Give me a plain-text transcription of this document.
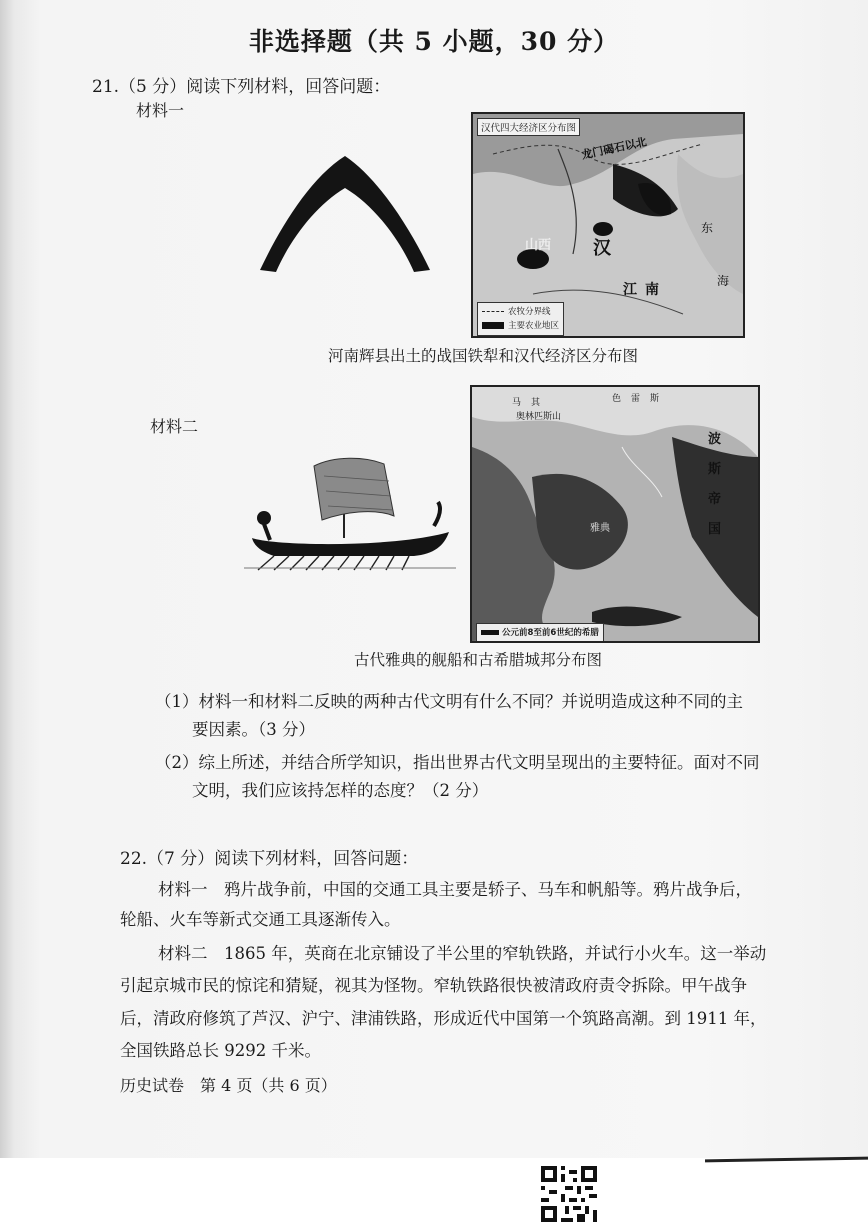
非选择题（共 5 小题，30 分）
21.（5 分）阅读下列材料，回答问题：
材料一
汉代四大经济区分布图
龙门碣石以北
山西 汉
江南
东
海
农牧分界线
主要农业地区
河南辉县出土的战国铁犁和汉代经济区分布图
材料二	奥林匹斯山
马其	色雷斯
波
斯
帝
国
雅典
公元前8至前6世纪的希腊
古代雅典的舰船和古希腊城邦分布图
（1）材料一和材料二反映的两种古代文明有什么不同？并说明造成这种不同的主
要因素。（3 分）
（2）综上所述，并结合所学知识，指出世界古代文明呈现出的主要特征。面对不同
文明，我们应该持怎样的态度？（2 分）
22.（7 分）阅读下列材料，回答问题：
材料一　鸦片战争前，中国的交通工具主要是轿子、马车和帆船等。鸦片战争后，
轮船、火车等新式交通工具逐渐传入。
材料二　1865 年，英商在北京铺设了半公里的窄轨铁路，并试行小火车。这一举动
引起京城市民的惊诧和猜疑，视其为怪物。窄轨铁路很快被清政府责令拆除。甲午战争
后，清政府修筑了芦汉、沪宁、津浦铁路，形成近代中国第一个筑路高潮。到 1911 年，
全国铁路总长 9292 千米。
历史试卷　第 4 页（共 6 页）
